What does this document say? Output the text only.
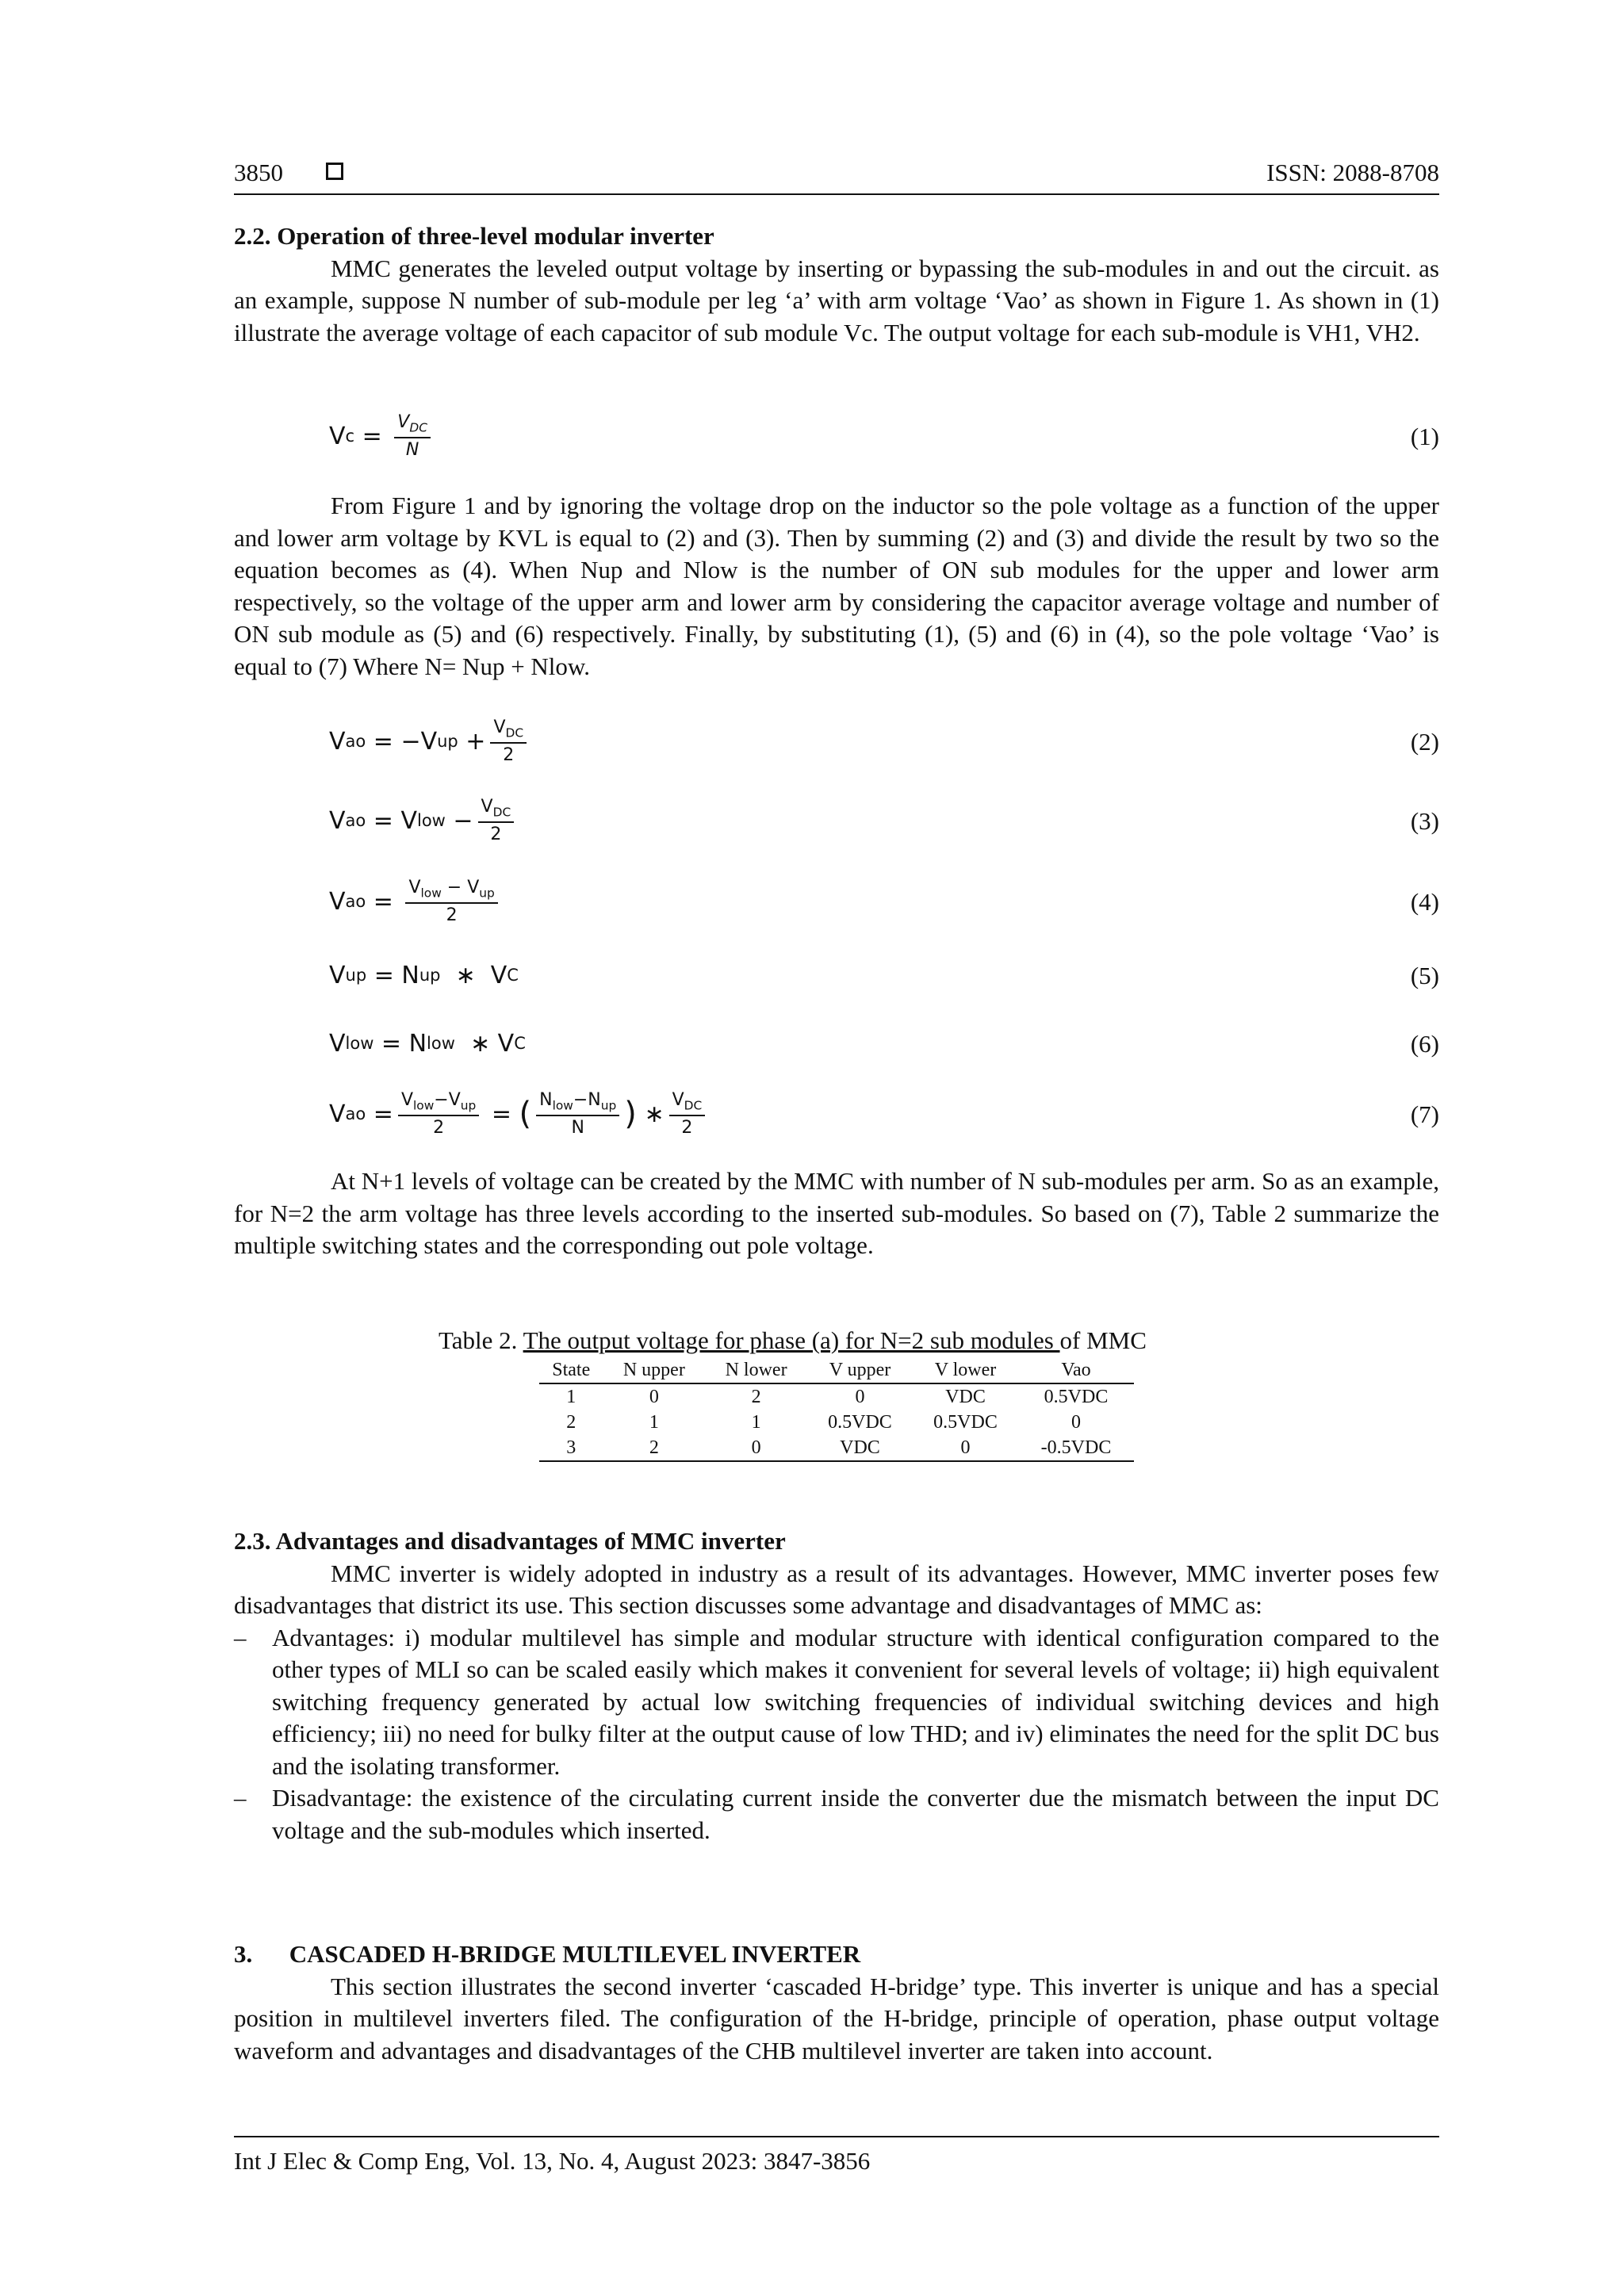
3850	ISSN: 2088-8708

2.2. Operation of three-level modular inverter

MMC generates the leveled output voltage by inserting or bypassing the sub-modules in and out the circuit. as an example, suppose N number of sub-module per leg ‘a’ with arm voltage ‘Vao’ as shown in Figure 1. As shown in (1) illustrate the average voltage of each capacitor of sub module Vc. The output voltage for each sub-module is VH1, VH2.

V $c = \frac{V_{DC}}{N}$	(1)

From Figure 1 and by ignoring the voltage drop on the inductor so the pole voltage as a function of the upper and lower arm voltage by KVL is equal to (2) and (3). Then by summing (2) and (3) and divide the result by two so the equation becomes as (4). When Nup and Nlow is the number of ON sub modules for the upper and lower arm respectively, so the voltage of the upper arm and lower arm by considering the capacitor average voltage and number of ON sub module as (5) and (6) respectively. Finally, by substituting (1), (5) and (6) in (4), so the pole voltage ‘Vao’ is equal to (7) Where N= Nup + Nlow.

V ao = −V up + $\frac{V_{DC}}{2}$	(2)
V ao = V low − $\frac{V_{DC}}{2}$	(3)
V ao = $\frac{V_{low} - V_{up}}{2}$	(4)
V up = N up ∗  V C	(5)
V low = N low ∗ V C	(6)
V ao = $\frac{V_{low}-V_{up}}{2}$ = ( $\frac{N_{low}-N_{up}}{N}$ ) ∗ $\frac{V_{DC}}{2}$	(7)

At N+1 levels of voltage can be created by the MMC with number of N sub-modules per arm. So as an example, for N=2 the arm voltage has three levels according to the inserted sub-modules. So based on (7), Table 2 summarize the multiple switching states and the corresponding out pole voltage.

Table 2. The output voltage for phase (a) for N=2 sub modules of MMC
State	N upper	N lower	V upper	V lower	Vao
1	0	2	0	VDC	0.5VDC
2	1	1	0.5VDC	0.5VDC	0
3	2	0	VDC	0	-0.5VDC

2.3. Advantages and disadvantages of MMC inverter

MMC inverter is widely adopted in industry as a result of its advantages. However, MMC inverter poses few disadvantages that district its use. This section discusses some advantage and disadvantages of MMC as:

– Advantages: i) modular multilevel has simple and modular structure with identical configuration compared to the other types of MLI so can be scaled easily which makes it convenient for several levels of voltage; ii) high equivalent switching frequency generated by actual low switching frequencies of individual switching devices and high efficiency; iii) no need for bulky filter at the output cause of low THD; and iv) eliminates the need for the split DC bus and the isolating transformer.
– Disadvantage: the existence of the circulating current inside the converter due the mismatch between the input DC voltage and the sub-modules which inserted.

3.      CASCADED H-BRIDGE MULTILEVEL INVERTER

This section illustrates the second inverter ‘cascaded H-bridge’ type. This inverter is unique and has a special position in multilevel inverters filed. The configuration of the H-bridge, principle of operation, phase output voltage waveform and advantages and disadvantages of the CHB multilevel inverter are taken into account.

Int J Elec & Comp Eng, Vol. 13, No. 4, August 2023: 3847-3856
